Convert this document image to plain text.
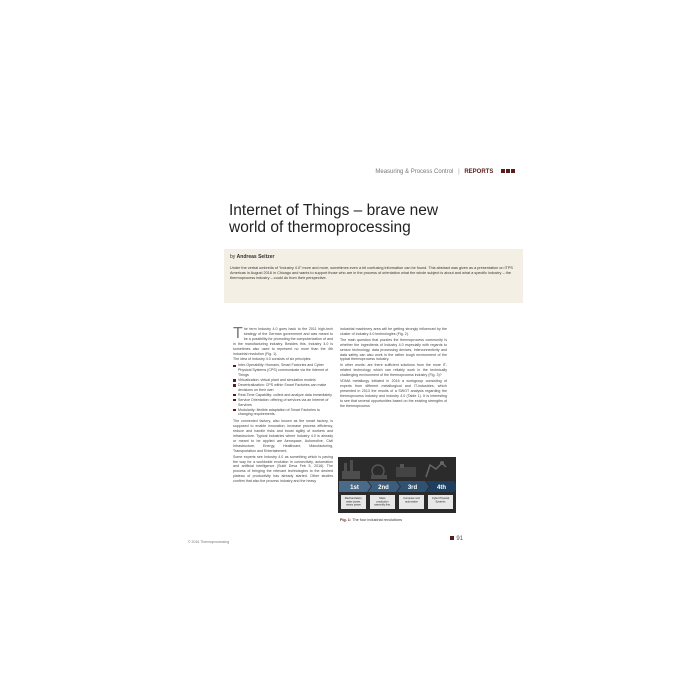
Measuring & Process Control | REPORTS
Internet of Things – brave new world of thermoprocessing
by Andreas Seitzer

Under the verbal umbrella of “Industry 4.0” more and more, sometimes even a bit confusing information can be found. This abstract was given as a presentation on ITPS Americas in August 2016 in Chicago and wants to support those who are in the process of orientation what the whole subject is about and what a specific industry – the thermoprocess industry – could do from their perspective.

The term Industry 4.0 goes back to the 2011 high-tech strategy of the German government and was meant to be a possibility for promoting the computerization of and in the manufacturing industry. Besides this, Industry 4.0 is sometimes also used to represent no more than the 4th industrial revolution (Fig. 1).

The idea of Industry 4.0 consists of six principles:

Inter-Operability: Humans, Smart Factories and Cyber Physical Systems (CPS) communicate via the Internet of Things
Virtualization: virtual plant and simulation models
Decentralization: CPS within Smart Factories can make decisions on their own
Real-Time Capability: collect and analyze data immediately
Service Orientation: offering of services via an Internet of Services
Modularity: flexible adaptation of Smart Factories to changing requirements.

The connected factory, also known as the smart factory, is supposed to enable innovation, increase process efficiency, reduce and handle risks and boost agility of workers and infrastructure. Typical industries where Industry 4.0 is already or meant to be applied are Aerospace, Automotive, Civil Infrastructure, Energy, Healthcare, Manufacturing, Transportation and Entertainment.

Some experts see Industry 4.0 as something which is paving the way for a worldwide evolution in connectivity, automation and artificial intelligence (Sukit Deva Feb 5, 2016). The process of bringing the relevant technologies to the desired plateau of productivity has already started. Other studies confirm that also the process industry and the heavy

industrial machinery area will be getting strongly influenced by the cluster of Industry 4.0 technologies (Fig. 2).

The main question that puzzles the thermoprocess community is whether the ingredients of Industry 4.0 especially with regards to sensor technology, data processing devices, interconnectivity and data safety can also work in the rather tough environment of the typical thermoprocess industry.

In other words: are there sufficient solutions from the more IT-related technology which can reliably work in the technically challenging environment of the thermoprocess industry (Fig. 3)?

VDMA metallurgy initiated in 2016 a workgroup consisting of experts from different metallurgical and IT-industries, which presented in 2013 the results of a SWOT analysis regarding the thermoprocess industry and industry 4.0 (Table 1). It is interesting to see that several opportunities based on the existing strengths of the thermoprocess

1st
Mechanization, water power, steam power
2nd
Mass production assembly line,
3rd
Computer and automation
4th
Cyber Physical Systems
Fig. 1: The four industrial revolutions
© 2016 Thermoprocessing	91
